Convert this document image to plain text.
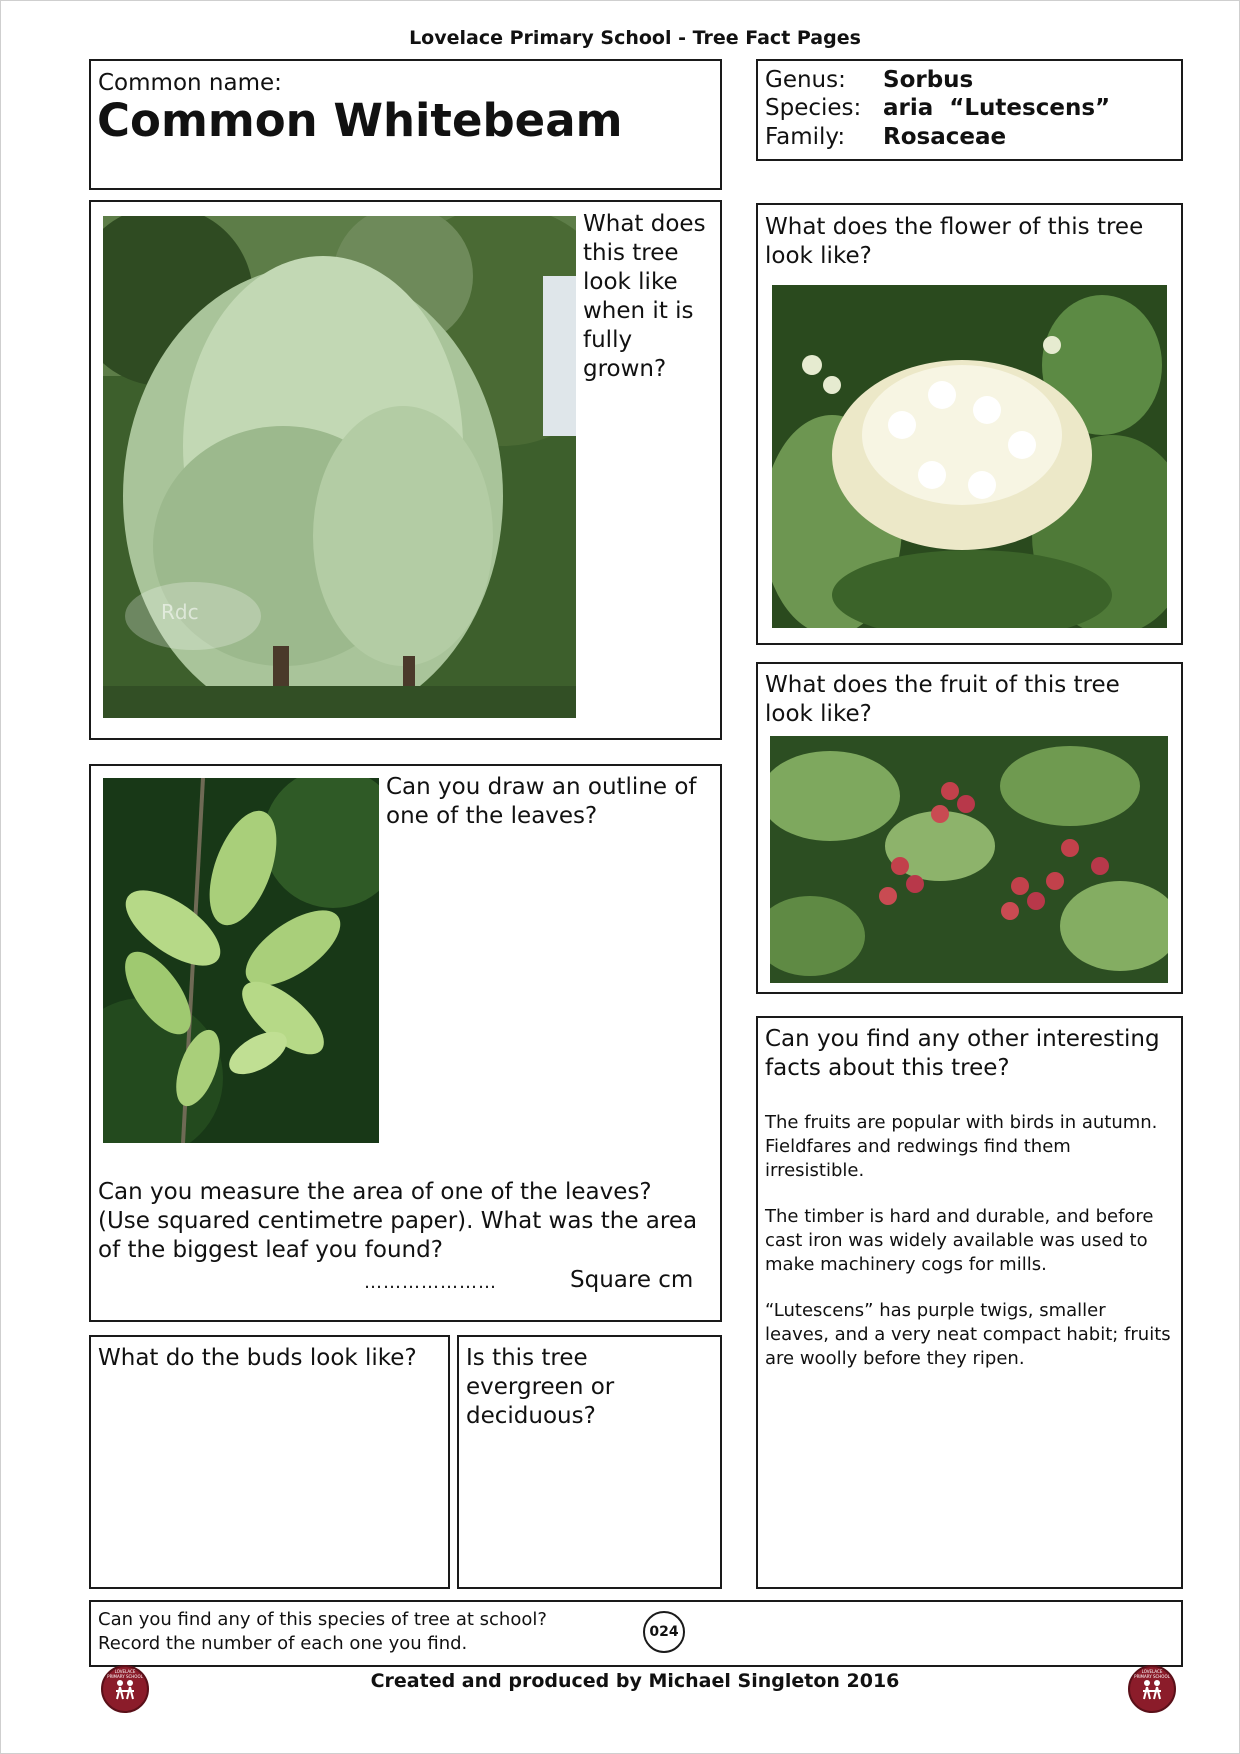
Lovelace Primary School - Tree Fact Pages
Common name:
Common Whitebeam
Genus: Sorbus
Species: aria  “Lutescens”
Family: Rosaceae
Rdc
What does this tree look like when it is fully grown?
What does the flower of this tree look like?
Can you draw an outline of one of the leaves?
Can you measure the area of one of the leaves? (Use squared centimetre paper). What was the area of the biggest leaf you found?
…………………	Square cm
What does the fruit of this tree look like?
Can you find any other interesting facts about this tree?

The fruits are popular with birds in autumn. Fieldfares and redwings find them irresistible.

The timber is hard and durable, and before cast iron was widely available was used to make machinery cogs for mills.

“Lutescens” has purple twigs, smaller leaves, and a very neat compact habit; fruits are woolly before they ripen.

What do the buds look like?	Is this tree evergreen or deciduous?
Can you find any of this species of tree at school?
Record the number of each one you find.
024
LOVELACE PRIMARY SCHOOL	Created and produced by Michael Singleton 2016	LOVELACE PRIMARY SCHOOL
